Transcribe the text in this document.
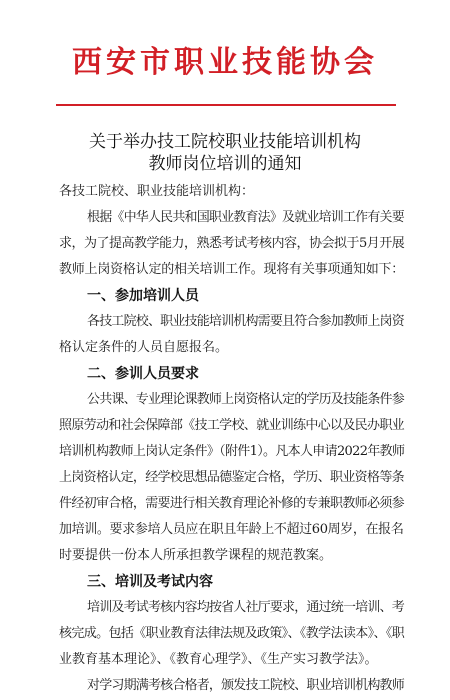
西安市职业技能协会
关于举办技工院校职业技能培训机构
教师岗位培训的通知
各技工院校、职业技能培训机构：
根据《中华人民共和国职业教育法》及就业培训工作有关要
求，为了提高教学能力，熟悉考试考核内容，协会拟于5月开展
教师上岗资格认定的相关培训工作。现将有关事项通知如下：
一、参加培训人员
各技工院校、职业技能培训机构需要且符合参加教师上岗资
格认定条件的人员自愿报名。
二、参训人员要求
公共课、专业理论课教师上岗资格认定的学历及技能条件参
照原劳动和社会保障部《技工学校、就业训练中心以及民办职业
培训机构教师上岗认定条件》（附件1）。凡本人申请2022年教师
上岗资格认定，经学校思想品德鉴定合格，学历、职业资格等条
件经初审合格，需要进行相关教育理论补修的专兼职教师必须参
加培训。要求参培人员应在职且年龄上不超过60周岁，在报名
时要提供一份本人所承担教学课程的规范教案。
三、培训及考试内容
培训及考试考核内容均按省人社厅要求，通过统一培训、考
核完成。包括《职业教育法律法规及政策》、《教学法读本》、《职
业教育基本理论》、《教育心理学》、《生产实习教学法》。
对学习期满考核合格者，颁发技工院校、职业培训机构教师
